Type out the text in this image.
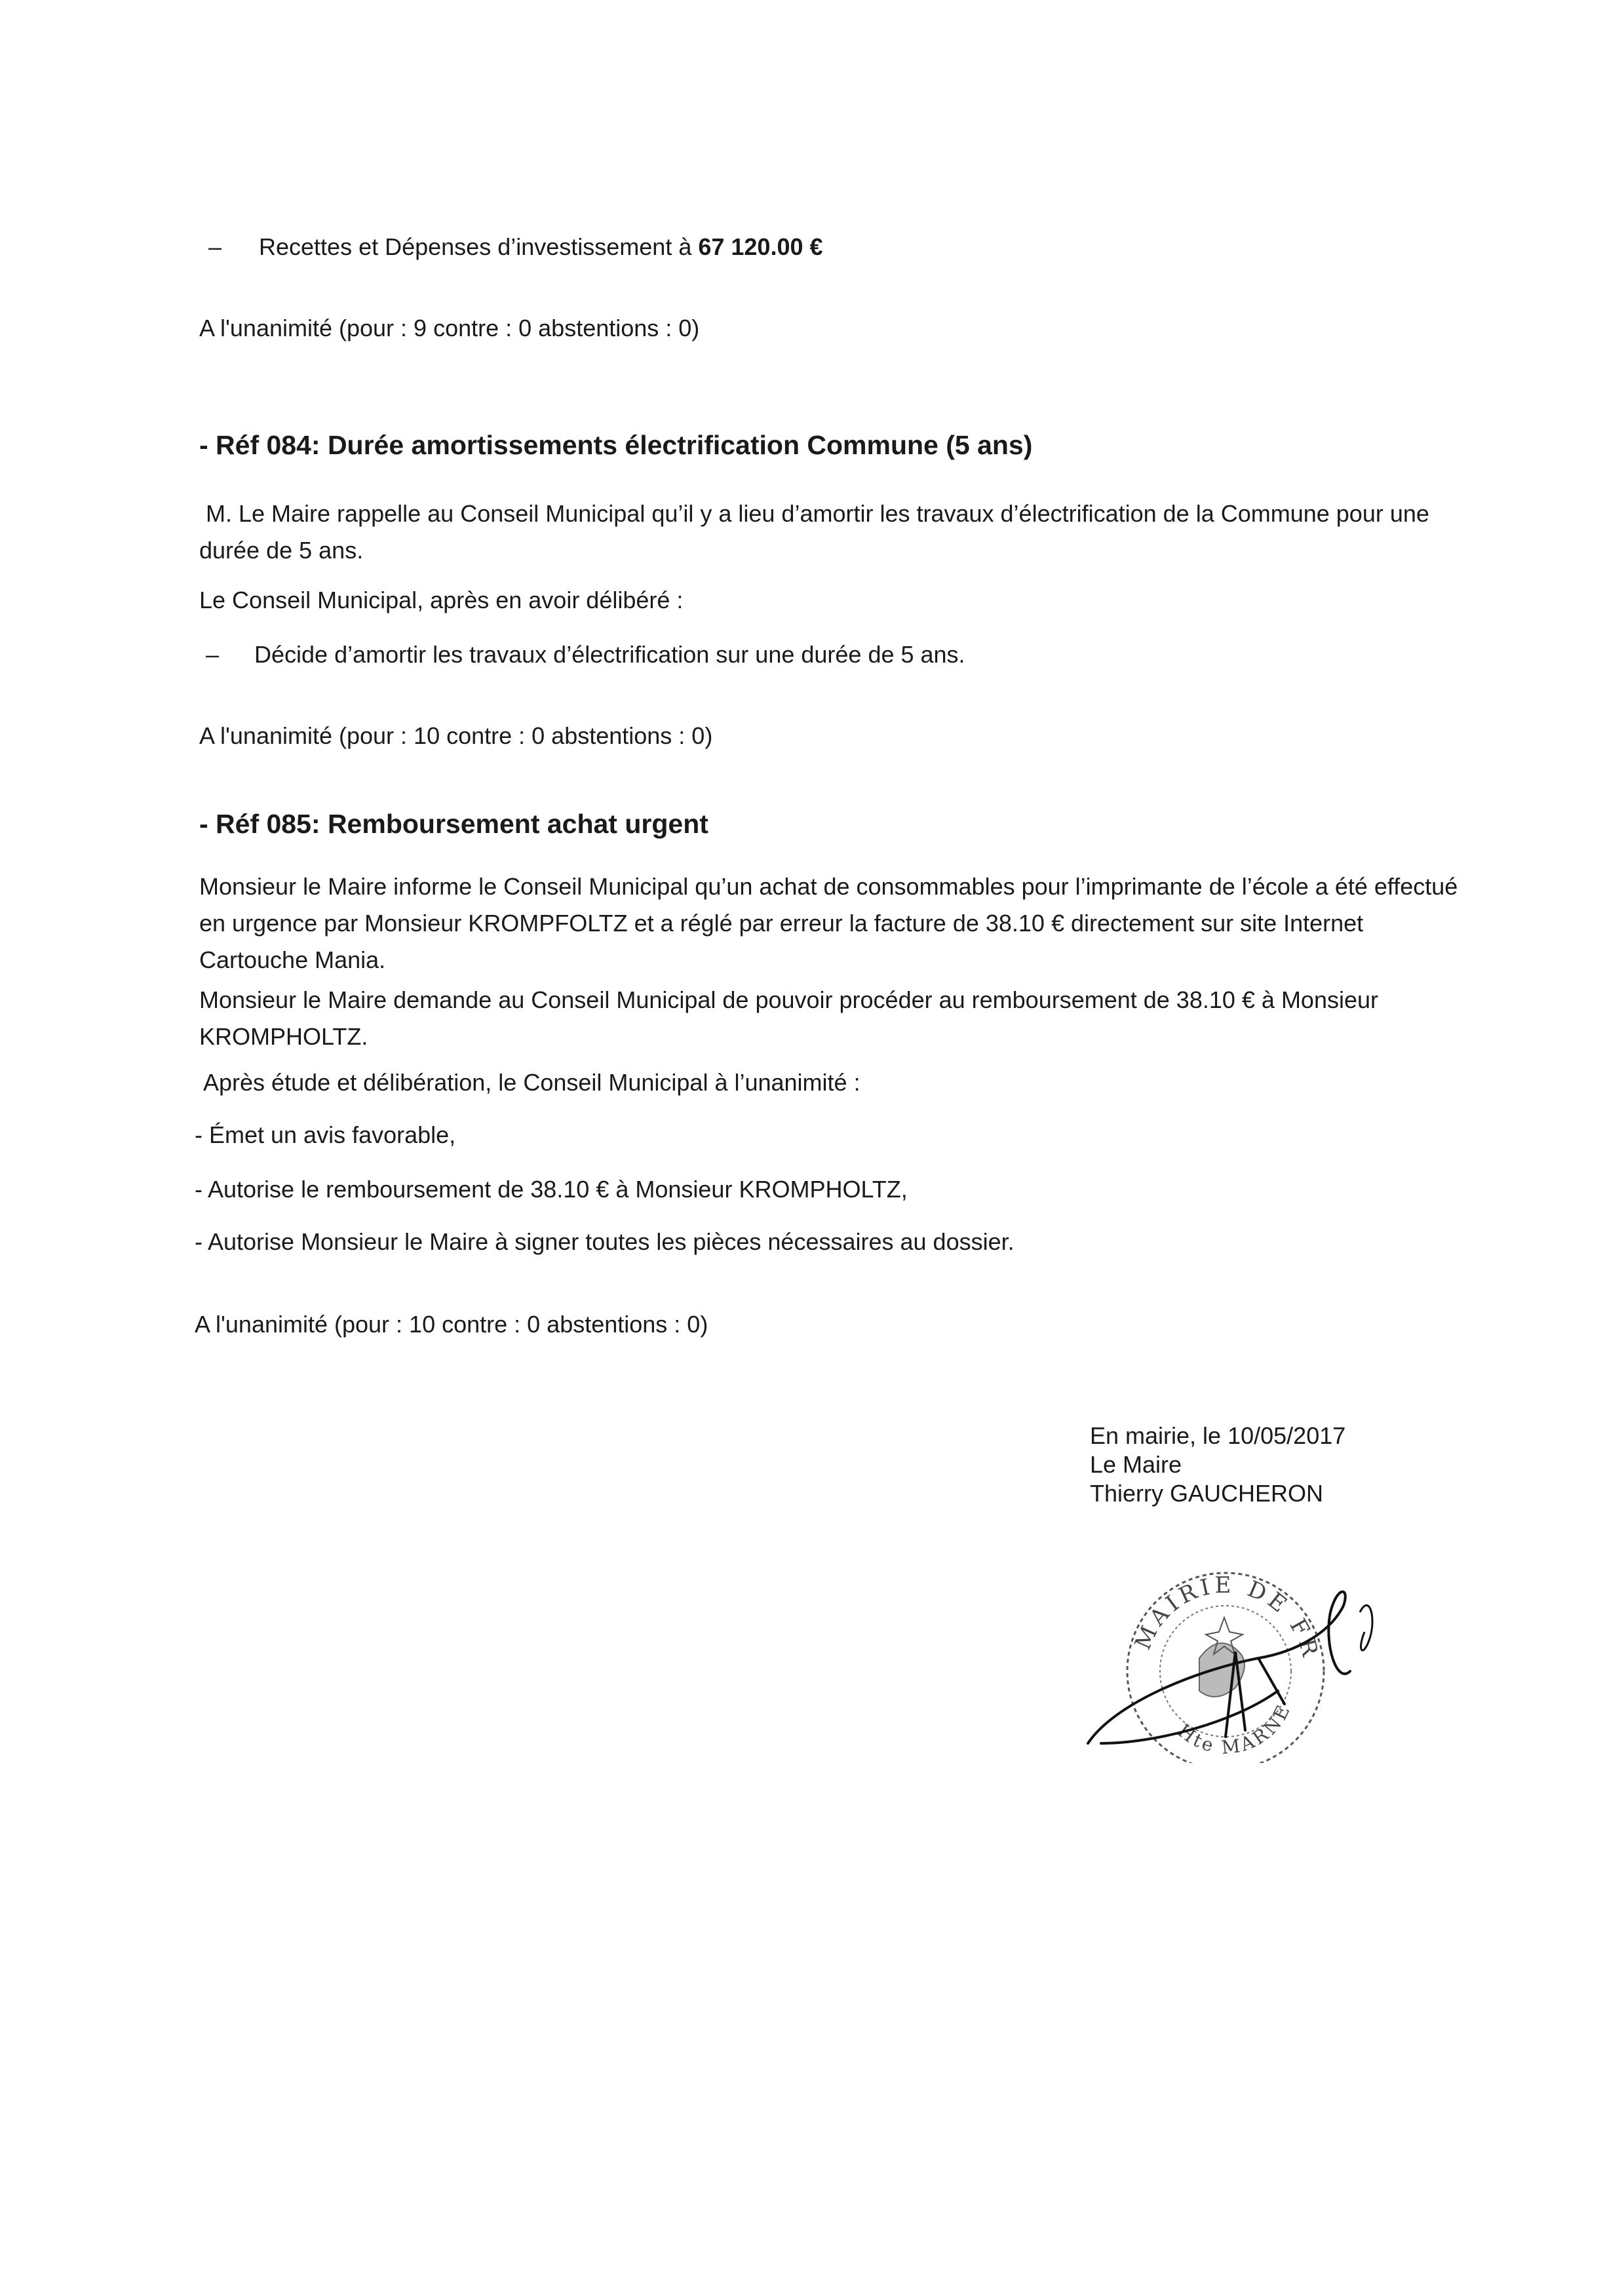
– Recettes et Dépenses d’investissement à 67 120.00 €
A l'unanimité (pour : 9 contre : 0 abstentions : 0)
- Réf 084: Durée amortissements électrification Commune (5 ans)
M. Le Maire rappelle au Conseil Municipal qu’il y a lieu d’amortir les travaux d’électrification de la Commune pour une durée de 5 ans.
Le Conseil Municipal, après en avoir délibéré :
– Décide d’amortir les travaux d’électrification sur une durée de 5 ans.
A l'unanimité (pour : 10 contre : 0 abstentions : 0)
- Réf 085: Remboursement achat urgent
Monsieur le Maire informe le Conseil Municipal qu’un achat de consommables pour l’imprimante de l’école a été effectué en urgence par Monsieur KROMPFOLTZ et a réglé par erreur la facture de 38.10 € directement sur site Internet Cartouche Mania.
Monsieur le Maire demande au Conseil Municipal de pouvoir procéder au remboursement de 38.10 € à Monsieur KROMPHOLTZ.
Après étude et délibération, le Conseil Municipal à l’unanimité :
- Émet un avis favorable,
- Autorise le remboursement de 38.10 € à Monsieur KROMPHOLTZ,
- Autorise Monsieur le Maire à signer toutes les pièces nécessaires au dossier.
A l'unanimité (pour : 10 contre : 0 abstentions : 0)
En mairie, le 10/05/2017
Le Maire
Thierry GAUCHERON
MAIRIE DE FR
Hte MARNE
